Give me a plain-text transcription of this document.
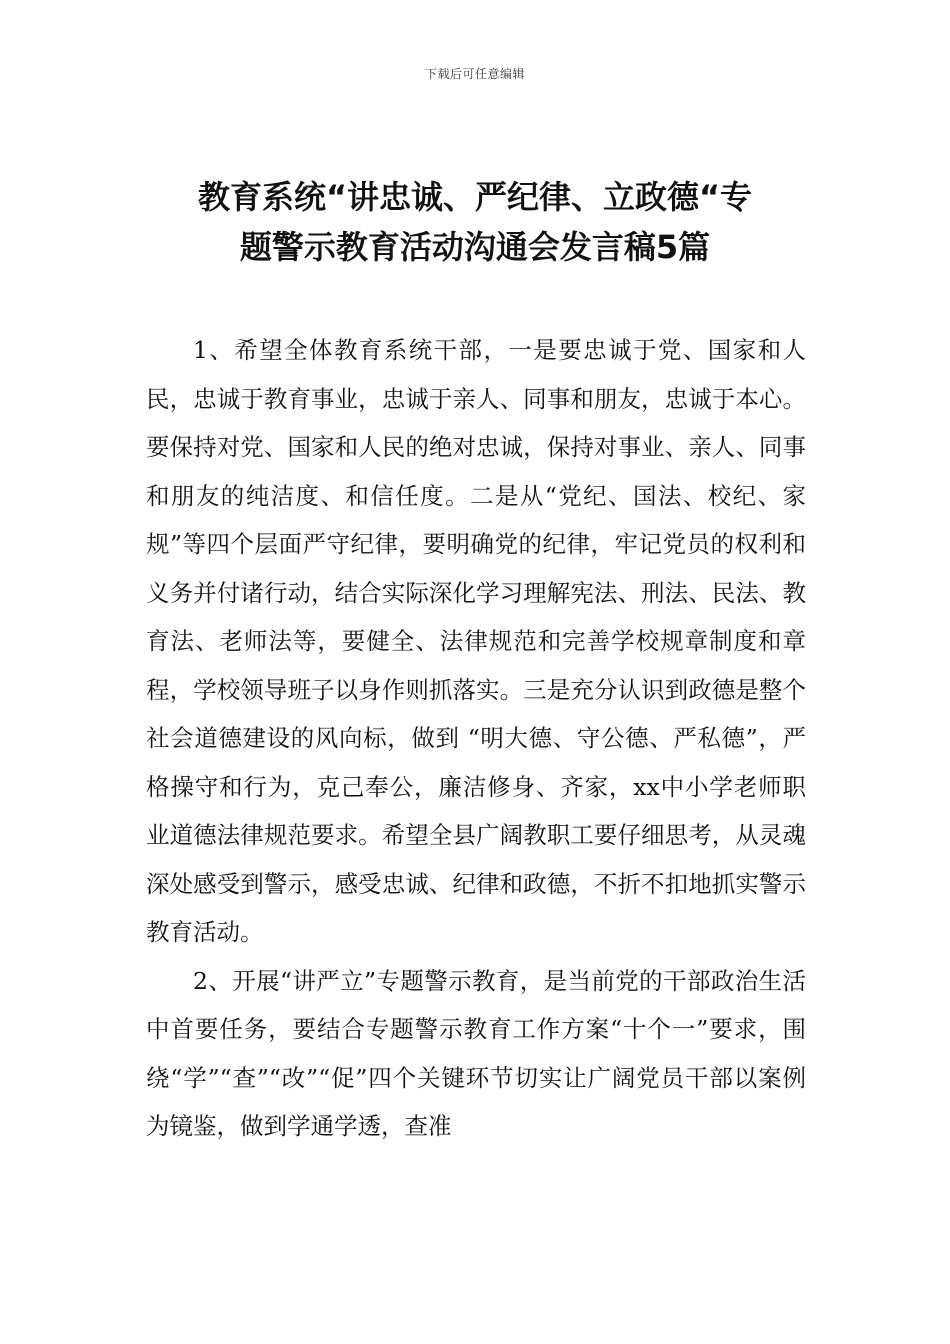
下载后可任意编辑
教育系统“讲忠诚、严纪律、立政德“专
题警示教育活动沟通会发言稿5篇

1、希望全体教育系统干部，一是要忠诚于党、国家和人民，忠诚于教育事业，忠诚于亲人、同事和朋友，忠诚于本心。要保持对党、国家和人民的绝对忠诚，保持对事业、亲人、同事和朋友的纯洁度、和信任度。二是从“党纪、国法、校纪、家规”等四个层面严守纪律，要明确党的纪律，牢记党员的权利和义务并付诸行动，结合实际深化学习理解宪法、刑法、民法、教育法、老师法等，要健全、法律规范和完善学校规章制度和章程，学校领导班子以身作则抓落实。三是充分认识到政德是整个社会道德建设的风向标，做到 “明大德、守公德、严私德”，严格操守和行为，克己奉公，廉洁修身、齐家，xx中小学老师职业道德法律规范要求。希望全县广阔教职工要仔细思考，从灵魂深处感受到警示，感受忠诚、纪律和政德，不折不扣地抓实警示教育活动。

2、开展“讲严立”专题警示教育，是当前党的干部政治生活中首要任务，要结合专题警示教育工作方案“十个一”要求，围绕“学”“查”“改”“促”四个关键环节切实让广阔党员干部以案例为镜鉴，做到学通学透，查准
